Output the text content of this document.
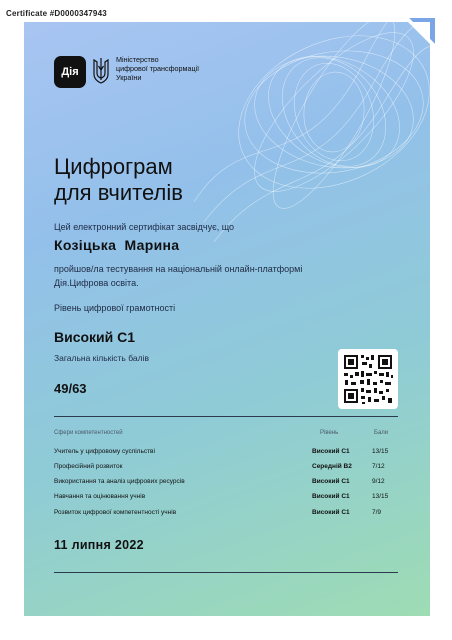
Certificate #D0000347943
Дія
Міністерство
цифрової трансформації
України
Цифрограм
для вчителів
Цей електронний сертифікат засвідчує, що
Козіцька  Марина
пройшов/ла тестування на національній онлайн-платформі
Дія.Цифрова освіта.
Рівень цифрової грамотності
Високий С1
Загальна кількість балів
49/63
Сфери компетентностей	Рівень	Бали
Учитель у цифровому суспільстві	Високий С1	13/15
Професійний розвиток	Середній В2	7/12
Використання та аналіз цифрових ресурсів	Високий С1	9/12
Навчання та оцінювання учнів	Високий С1	13/15
Розвиток цифрової компетентності учнів	Високий С1	7/9
11 липня 2022
